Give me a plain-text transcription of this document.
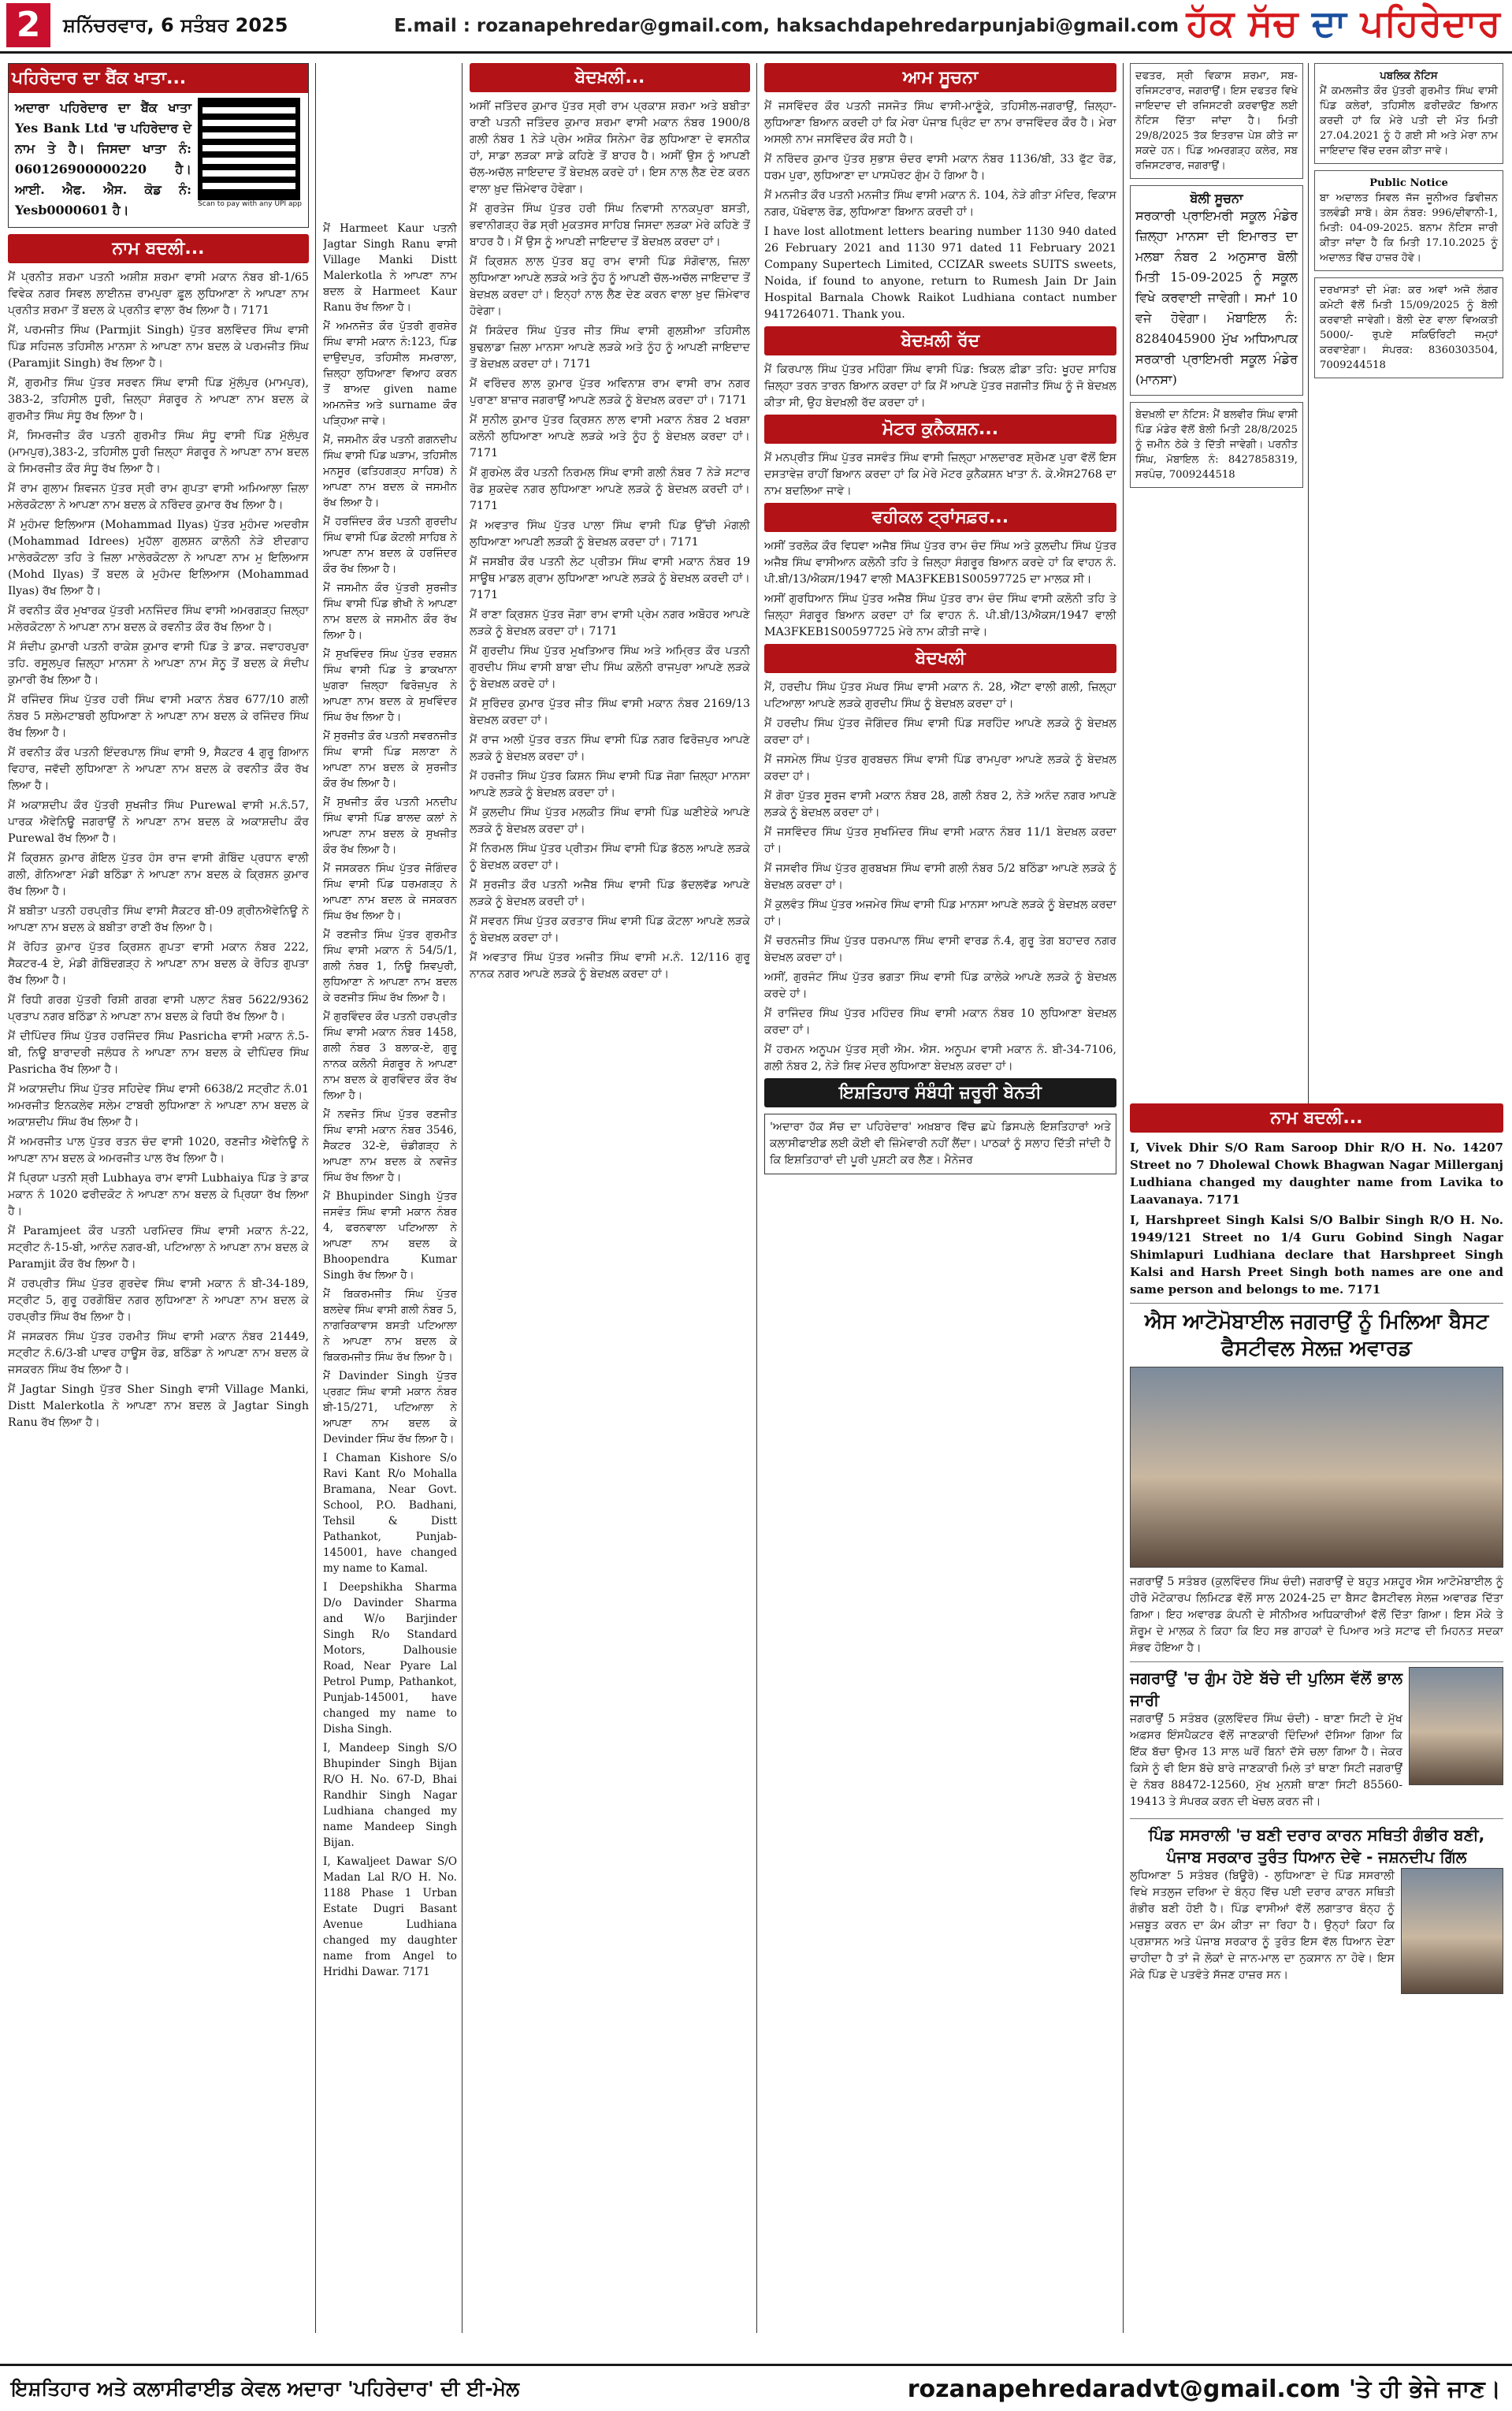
2	ਸ਼ਨਿੱਚਰਵਾਰ, 6 ਸਤੰਬਰ 2025	E.mail : rozanapehredar@gmail.com, haksachdapehredarpunjabi@gmail.com ਹੱਕ ਸੱਚ ਦਾ ਪਹਿਰੇਦਾਰ
ਪਹਿਰੇਦਾਰ ਦਾ ਬੈਂਕ ਖਾਤਾ...
ਅਦਾਰਾ ਪਹਿਰੇਦਾਰ ਦਾ ਬੈਂਕ ਖਾਤਾ Yes Bank Ltd 'ਚ ਪਹਿਰੇਦਾਰ ਦੇ ਨਾਮ ਤੇ ਹੈ। ਜਿਸਦਾ ਖਾਤਾ ਨੰ: 060126900000220 ਹੈ। ਆਈ. ਐਫ. ਐਸ. ਕੋਡ ਨੰ: Yesb0000601 ਹੈ।	Scan to pay with any UPI app
ਨਾਮ ਬਦਲੀ...

ਮੈਂ ਪ੍ਰਨੀਤ ਸ਼ਰਮਾ ਪਤਨੀ ਅਸ਼ੀਸ਼ ਸ਼ਰਮਾ ਵਾਸੀ ਮਕਾਨ ਨੰਬਰ ਬੀ-1/65 ਵਿਵੇਕ ਨਗਰ ਸਿਵਲ ਲਾਈਨਜ਼ ਰਾਮਪੁਰਾ ਫ਼ੂਲ ਲੁਧਿਆਣਾ ਨੇ ਆਪਣਾ ਨਾਮ ਪ੍ਰਨੀਤ ਸ਼ਰਮਾ ਤੋਂ ਬਦਲ ਕੇ ਪ੍ਰਨੀਤ ਵਾਲਾ ਰੱਖ ਲਿਆ ਹੈ। 7171

ਮੈਂ, ਪਰਮਜੀਤ ਸਿੰਘ (Parmjit Singh) ਪੁੱਤਰ ਬਲਵਿੰਦਰ ਸਿੰਘ ਵਾਸੀ ਪਿੰਡ ਸਹਿਜਲ ਤਹਿਸੀਲ ਮਾਨਸਾ ਨੇ ਆਪਣਾ ਨਾਮ ਬਦਲ ਕੇ ਪਰਮਜੀਤ ਸਿੰਘ (Paramjit Singh) ਰੱਖ ਲਿਆ ਹੈ।

ਮੈਂ, ਗੁਰਮੀਤ ਸਿੰਘ ਪੁੱਤਰ ਸਰਵਨ ਸਿੰਘ ਵਾਸੀ ਪਿੰਡ ਮੁੱਲੰਪੁਰ (ਮਾਮਪੁਰ), 383-2, ਤਹਿਸੀਲ ਧੂਰੀ, ਜ਼ਿਲ੍ਹਾ ਸੰਗਰੂਰ ਨੇ ਆਪਣਾ ਨਾਮ ਬਦਲ ਕੇ ਗੁਰਮੀਤ ਸਿੰਘ ਸੰਧੂ ਰੱਖ ਲਿਆ ਹੈ।

ਮੈਂ, ਸਿਮਰਜੀਤ ਕੌਰ ਪਤਨੀ ਗੁਰਮੀਤ ਸਿੰਘ ਸੰਧੂ ਵਾਸੀ ਪਿੰਡ ਮੁੱਲੰਪੁਰ (ਮਾਮਪੁਰ),383-2, ਤਹਿਸੀਲ ਧੂਰੀ ਜ਼ਿਲ੍ਹਾ ਸੰਗਰੂਰ ਨੇ ਆਪਣਾ ਨਾਮ ਬਦਲ ਕੇ ਸਿਮਰਜੀਤ ਕੌਰ ਸੰਧੂ ਰੱਖ ਲਿਆ ਹੈ।

ਮੈਂ ਰਾਮ ਗੁਲਾਮ ਸ਼ਿਵਜਨ ਪੁੱਤਰ ਸ੍ਰੀ ਰਾਮ ਗੁਪਤਾ ਵਾਸੀ ਅਮਿਆਲਾ ਜ਼ਿਲਾ ਮਲੇਰਕੋਟਲਾ ਨੇ ਆਪਣਾ ਨਾਮ ਬਦਲ ਕੇ ਨਰਿੰਦਰ ਕੁਮਾਰ ਰੱਖ ਲਿਆ ਹੈ।

ਮੈਂ ਮੁਹੰਮਦ ਇਲਿਆਸ (Mohammad Ilyas) ਪੁੱਤਰ ਮੁਹੰਮਦ ਅਦਰੀਸ (Mohammad Idrees) ਮੁਹੱਲਾ ਗੁਲਸ਼ਨ ਕਾਲੋਨੀ ਨੇੜੇ ਈਦਗਾਹ ਮਾਲੇਰਕੋਟਲਾ ਤਹਿ ਤੇ ਜ਼ਿਲਾ ਮਾਲੇਰਕੋਟਲਾ ਨੇ ਆਪਣਾ ਨਾਮ ਮੁ ਇਲਿਆਸ (Mohd Ilyas) ਤੋਂ ਬਦਲ ਕੇ ਮੁਹੰਮਦ ਇਲਿਆਸ (Mohammad Ilyas) ਰੱਖ ਲਿਆ ਹੈ।

ਮੈਂ ਰਵਨੀਤ ਕੌਰ ਮੁਖਾਰਕ ਪੁੱਤਰੀ ਮਨਜਿੰਦਰ ਸਿੰਘ ਵਾਸੀ ਅਮਰਗੜ੍ਹ ਜ਼ਿਲ੍ਹਾ ਮਲੇਰਕੋਟਲਾ ਨੇ ਆਪਣਾ ਨਾਮ ਬਦਲ ਕੇ ਰਵਨੀਤ ਕੌਰ ਰੱਖ ਲਿਆ ਹੈ।

ਮੈਂ ਸੰਦੀਪ ਕੁਮਾਰੀ ਪਤਨੀ ਰਾਕੇਸ਼ ਕੁਮਾਰ ਵਾਸੀ ਪਿੰਡ ਤੇ ਡਾਕ. ਜਵਾਹਰਪੁਰਾ ਤਹਿ. ਰਸੂਲਪੁਰ ਜ਼ਿਲ੍ਹਾ ਮਾਨਸਾ ਨੇ ਆਪਣਾ ਨਾਮ ਸੋਨੂ ਤੋਂ ਬਦਲ ਕੇ ਸੰਦੀਪ ਕੁਮਾਰੀ ਰੱਖ ਲਿਆ ਹੈ।

ਮੈਂ ਰਜਿੰਦਰ ਸਿੰਘ ਪੁੱਤਰ ਹਰੀ ਸਿੰਘ ਵਾਸੀ ਮਕਾਨ ਨੰਬਰ 677/10 ਗਲੀ ਨੰਬਰ 5 ਸਲੇਮਟਾਬਰੀ ਲੁਧਿਆਣਾ ਨੇ ਆਪਣਾ ਨਾਮ ਬਦਲ ਕੇ ਰਜਿੰਦਰ ਸਿੰਘ ਰੱਖ ਲਿਆ ਹੈ।

ਮੈਂ ਰਵਨੀਤ ਕੌਰ ਪਤਨੀ ਇੰਦਰਪਾਲ ਸਿੰਘ ਵਾਸੀ 9, ਸੈਕਟਰ 4 ਗੁਰੂ ਗਿਆਨ ਵਿਹਾਰ, ਜਵੱਦੀ ਲੁਧਿਆਣਾ ਨੇ ਆਪਣਾ ਨਾਮ ਬਦਲ ਕੇ ਰਵਨੀਤ ਕੌਰ ਰੱਖ ਲਿਆ ਹੈ।

ਮੈਂ ਅਕਾਸ਼ਦੀਪ ਕੌਰ ਪੁੱਤਰੀ ਸੁਖਜੀਤ ਸਿੰਘ Purewal ਵਾਸੀ ਮ.ਨੰ.57, ਪਾਰਕ ਐਵੇਨਿਊ ਜਗਰਾਉਂ ਨੇ ਆਪਣਾ ਨਾਮ ਬਦਲ ਕੇ ਅਕਾਸ਼ਦੀਪ ਕੌਰ Purewal ਰੱਖ ਲਿਆ ਹੈ।

ਮੈਂ ਕ੍ਰਿਸ਼ਨ ਕੁਮਾਰ ਗੋਇਲ ਪੁੱਤਰ ਹੰਸ ਰਾਜ ਵਾਸੀ ਗੋਬਿੰਦ ਪ੍ਰਧਾਨ ਵਾਲੀ ਗਲੀ, ਗੋਨਿਆਣਾ ਮੰਡੀ ਬਠਿੰਡਾ ਨੇ ਆਪਣਾ ਨਾਮ ਬਦਲ ਕੇ ਕ੍ਰਿਸ਼ਨ ਕੁਮਾਰ ਰੱਖ ਲਿਆ ਹੈ।

ਮੈਂ ਬਬੀਤਾ ਪਤਨੀ ਹਰਪ੍ਰੀਤ ਸਿੰਘ ਵਾਸੀ ਸੈਕਟਰ ਬੀ-09 ਗ੍ਰੀਨਐਵੇਨਿਊ ਨੇ ਆਪਣਾ ਨਾਮ ਬਦਲ ਕੇ ਬਬੀਤਾ ਰਾਣੀ ਰੱਖ ਲਿਆ ਹੈ।

ਮੈਂ ਰੋਹਿਤ ਕੁਮਾਰ ਪੁੱਤਰ ਕ੍ਰਿਸ਼ਨ ਗੁਪਤਾ ਵਾਸੀ ਮਕਾਨ ਨੰਬਰ 222, ਸੈਕਟਰ-4 ਏ, ਮੰਡੀ ਗੋਬਿੰਦਗੜ੍ਹ ਨੇ ਆਪਣਾ ਨਾਮ ਬਦਲ ਕੇ ਰੋਹਿਤ ਗੁਪਤਾ ਰੱਖ ਲਿਆ ਹੈ।

ਮੈਂ ਰਿਧੀ ਗਰਗ ਪੁੱਤਰੀ ਰਿਸ਼ੀ ਗਰਗ ਵਾਸੀ ਪਲਾਟ ਨੰਬਰ 5622/9362 ਪ੍ਰਤਾਪ ਨਗਰ ਬਠਿੰਡਾ ਨੇ ਆਪਣਾ ਨਾਮ ਬਦਲ ਕੇ ਰਿਧੀ ਰੱਖ ਲਿਆ ਹੈ।

ਮੈਂ ਦੀਪਿੰਦਰ ਸਿੰਘ ਪੁੱਤਰ ਹਰਜਿੰਦਰ ਸਿੰਘ Pasricha ਵਾਸੀ ਮਕਾਨ ਨੰ.5-ਬੀ, ਨਿਊ ਬਾਰਾਦਰੀ ਜਲੰਧਰ ਨੇ ਆਪਣਾ ਨਾਮ ਬਦਲ ਕੇ ਦੀਪਿੰਦਰ ਸਿੰਘ Pasricha ਰੱਖ ਲਿਆ ਹੈ।

ਮੈਂ ਅਕਾਸ਼ਦੀਪ ਸਿੰਘ ਪੁੱਤਰ ਸਹਿਦੇਵ ਸਿੰਘ ਵਾਸੀ 6638/2 ਸਟ੍ਰੀਟ ਨੰ.01 ਅਮਰਜੀਤ ਇਨਕਲੇਵ ਸਲੇਮ ਟਾਬਰੀ ਲੁਧਿਆਣਾ ਨੇ ਆਪਣਾ ਨਾਮ ਬਦਲ ਕੇ ਅਕਾਸ਼ਦੀਪ ਸਿੰਘ ਰੱਖ ਲਿਆ ਹੈ।

ਮੈਂ ਅਮਰਜੀਤ ਪਾਲ ਪੁੱਤਰ ਰਤਨ ਚੰਦ ਵਾਸੀ 1020, ਰਣਜੀਤ ਐਵੇਨਿਊ ਨੇ ਆਪਣਾ ਨਾਮ ਬਦਲ ਕੇ ਅਮਰਜੀਤ ਪਾਲ ਰੱਖ ਲਿਆ ਹੈ।

ਮੈਂ ਪ੍ਰਿਯਾ ਪਤਨੀ ਸ਼੍ਰੀ Lubhaya ਰਾਮ ਵਾਸੀ Lubhaiya ਪਿੰਡ ਤੇ ਡਾਕ ਮਕਾਨ ਨੰ 1020 ਫਰੀਦਕੋਟ ਨੇ ਆਪਣਾ ਨਾਮ ਬਦਲ ਕੇ ਪ੍ਰਿਯਾ ਰੱਖ ਲਿਆ ਹੈ।

ਮੈਂ Paramjeet ਕੌਰ ਪਤਨੀ ਪਰਮਿੰਦਰ ਸਿੰਘ ਵਾਸੀ ਮਕਾਨ ਨੰ-22, ਸਟ੍ਰੀਟ ਨੰ-15-ਬੀ, ਆਨੰਦ ਨਗਰ-ਬੀ, ਪਟਿਆਲਾ ਨੇ ਆਪਣਾ ਨਾਮ ਬਦਲ ਕੇ Paramjit ਕੌਰ ਰੱਖ ਲਿਆ ਹੈ।

ਮੈਂ ਹਰਪ੍ਰੀਤ ਸਿੰਘ ਪੁੱਤਰ ਗੁਰਦੇਵ ਸਿੰਘ ਵਾਸੀ ਮਕਾਨ ਨੰ ਬੀ-34-189, ਸਟ੍ਰੀਟ 5, ਗੁਰੂ ਹਰਗੋਬਿੰਦ ਨਗਰ ਲੁਧਿਆਣਾ ਨੇ ਆਪਣਾ ਨਾਮ ਬਦਲ ਕੇ ਹਰਪ੍ਰੀਤ ਸਿੰਘ ਰੱਖ ਲਿਆ ਹੈ।

ਮੈਂ ਜਸਕਰਨ ਸਿੰਘ ਪੁੱਤਰ ਹਰਮੀਤ ਸਿੰਘ ਵਾਸੀ ਮਕਾਨ ਨੰਬਰ 21449, ਸਟ੍ਰੀਟ ਨੰ.6/3-ਬੀ ਪਾਵਰ ਹਾਊਸ ਰੋਡ, ਬਠਿੰਡਾ ਨੇ ਆਪਣਾ ਨਾਮ ਬਦਲ ਕੇ ਜਸਕਰਨ ਸਿੰਘ ਰੱਖ ਲਿਆ ਹੈ।

ਮੈਂ Jagtar Singh ਪੁੱਤਰ Sher Singh ਵਾਸੀ Village Manki, Distt Malerkotla ਨੇ ਆਪਣਾ ਨਾਮ ਬਦਲ ਕੇ Jagtar Singh Ranu ਰੱਖ ਲਿਆ ਹੈ।

ਮੈਂ Harmeet Kaur ਪਤਨੀ Jagtar Singh Ranu ਵਾਸੀ Village Manki Distt Malerkotla ਨੇ ਆਪਣਾ ਨਾਮ ਬਦਲ ਕੇ Harmeet Kaur Ranu ਰੱਖ ਲਿਆ ਹੈ।

ਮੈਂ ਅਮਨਜੋਤ ਕੌਰ ਪੁੱਤਰੀ ਗੁਰਸ਼ੇਰ ਸਿੰਘ ਵਾਸੀ ਮਕਾਨ ਨੰ:123, ਪਿੰਡ ਦਾਉਦਪੁਰ, ਤਹਿਸੀਲ ਸਮਰਾਲਾ, ਜ਼ਿਲ੍ਹਾ ਲੁਧਿਆਣਾ ਵਿਆਹ ਕਰਨ ਤੋਂ ਬਾਅਦ given name ਅਮਨਜੋਤ ਅਤੇ surname ਕੌਰ ਪੜ੍ਹਿਆ ਜਾਵੇ।

ਮੈਂ, ਜਸਮੀਨ ਕੌਰ ਪਤਨੀ ਗਗਨਦੀਪ ਸਿੰਘ ਵਾਸੀ ਪਿੰਡ ਘੜਾਮ, ਤਹਿਸੀਲ ਮਨਸੂਰ (ਫਤਿਹਗੜ੍ਹ ਸਾਹਿਬ) ਨੇ ਆਪਣਾ ਨਾਮ ਬਦਲ ਕੇ ਜਸਮੀਨ ਰੱਖ ਲਿਆ ਹੈ।

ਮੈਂ ਹਰਜਿੰਦਰ ਕੌਰ ਪਤਨੀ ਗੁਰਦੀਪ ਸਿੰਘ ਵਾਸੀ ਪਿੰਡ ਕੋਟਲੀ ਸਾਹਿਬ ਨੇ ਆਪਣਾ ਨਾਮ ਬਦਲ ਕੇ ਹਰਜਿੰਦਰ ਕੌਰ ਰੱਖ ਲਿਆ ਹੈ।

ਮੈਂ ਜਸਮੀਨ ਕੌਰ ਪੁੱਤਰੀ ਸੁਰਜੀਤ ਸਿੰਘ ਵਾਸੀ ਪਿੰਡ ਭੀਖੀ ਨੇ ਆਪਣਾ ਨਾਮ ਬਦਲ ਕੇ ਜਸਮੀਨ ਕੌਰ ਰੱਖ ਲਿਆ ਹੈ।

ਮੈਂ ਸੁਖਵਿੰਦਰ ਸਿੰਘ ਪੁੱਤਰ ਦਰਸ਼ਨ ਸਿੰਘ ਵਾਸੀ ਪਿੰਡ ਤੇ ਡਾਕਖਾਨਾ ਘੁਗਰਾ ਜ਼ਿਲ੍ਹਾ ਫਿਰੋਜ਼ਪੁਰ ਨੇ ਆਪਣਾ ਨਾਮ ਬਦਲ ਕੇ ਸੁਖਵਿੰਦਰ ਸਿੰਘ ਰੱਖ ਲਿਆ ਹੈ।

ਮੈਂ ਸੁਰਜੀਤ ਕੌਰ ਪਤਨੀ ਸਵਰਨਜੀਤ ਸਿੰਘ ਵਾਸੀ ਪਿੰਡ ਸਲਾਣਾ ਨੇ ਆਪਣਾ ਨਾਮ ਬਦਲ ਕੇ ਸੁਰਜੀਤ ਕੌਰ ਰੱਖ ਲਿਆ ਹੈ।

ਮੈਂ ਸੁਖਜੀਤ ਕੌਰ ਪਤਨੀ ਮਨਦੀਪ ਸਿੰਘ ਵਾਸੀ ਪਿੰਡ ਬਾਲਦ ਕਲਾਂ ਨੇ ਆਪਣਾ ਨਾਮ ਬਦਲ ਕੇ ਸੁਖਜੀਤ ਕੌਰ ਰੱਖ ਲਿਆ ਹੈ।

ਮੈਂ ਜਸਕਰਨ ਸਿੰਘ ਪੁੱਤਰ ਜੋਗਿੰਦਰ ਸਿੰਘ ਵਾਸੀ ਪਿੰਡ ਧਰਮਗੜ੍ਹ ਨੇ ਆਪਣਾ ਨਾਮ ਬਦਲ ਕੇ ਜਸਕਰਨ ਸਿੰਘ ਰੱਖ ਲਿਆ ਹੈ।

ਮੈਂ ਰਣਜੀਤ ਸਿੰਘ ਪੁੱਤਰ ਗੁਰਮੀਤ ਸਿੰਘ ਵਾਸੀ ਮਕਾਨ ਨੰ 54/5/1, ਗਲੀ ਨੰਬਰ 1, ਨਿਊ ਸ਼ਿਵਪੁਰੀ, ਲੁਧਿਆਣਾ ਨੇ ਆਪਣਾ ਨਾਮ ਬਦਲ ਕੇ ਰਣਜੀਤ ਸਿੰਘ ਰੱਖ ਲਿਆ ਹੈ।

ਮੈਂ ਗੁਰਵਿੰਦਰ ਕੌਰ ਪਤਨੀ ਹਰਪ੍ਰੀਤ ਸਿੰਘ ਵਾਸੀ ਮਕਾਨ ਨੰਬਰ 1458, ਗਲੀ ਨੰਬਰ 3 ਬਲਾਕ-ਏ, ਗੁਰੂ ਨਾਨਕ ਕਲੋਨੀ ਸੰਗਰੂਰ ਨੇ ਆਪਣਾ ਨਾਮ ਬਦਲ ਕੇ ਗੁਰਵਿੰਦਰ ਕੌਰ ਰੱਖ ਲਿਆ ਹੈ।

ਮੈਂ ਨਵਜੋਤ ਸਿੰਘ ਪੁੱਤਰ ਰਣਜੀਤ ਸਿੰਘ ਵਾਸੀ ਮਕਾਨ ਨੰਬਰ 3546, ਸੈਕਟਰ 32-ਏ, ਚੰਡੀਗੜ੍ਹ ਨੇ ਆਪਣਾ ਨਾਮ ਬਦਲ ਕੇ ਨਵਜੋਤ ਸਿੰਘ ਰੱਖ ਲਿਆ ਹੈ।

ਮੈਂ Bhupinder Singh ਪੁੱਤਰ ਜਸਵੰਤ ਸਿੰਘ ਵਾਸੀ ਮਕਾਨ ਨੰਬਰ 4, ਫਰਨਵਾਲਾ ਪਟਿਆਲਾ ਨੇ ਆਪਣਾ ਨਾਮ ਬਦਲ ਕੇ Bhoopendra Kumar Singh ਰੱਖ ਲਿਆ ਹੈ।

ਮੈਂ ਬਿਕਰਮਜੀਤ ਸਿੰਘ ਪੁੱਤਰ ਬਲਦੇਵ ਸਿੰਘ ਵਾਸੀ ਗਲੀ ਨੰਬਰ 5, ਨਾਗਰਿਕਾਵਾਸ ਬਸਤੀ ਪਟਿਆਲਾ ਨੇ ਆਪਣਾ ਨਾਮ ਬਦਲ ਕੇ ਬਿਕਰਮਜੀਤ ਸਿੰਘ ਰੱਖ ਲਿਆ ਹੈ।

ਮੈਂ Davinder Singh ਪੁੱਤਰ ਪ੍ਰਗਟ ਸਿੰਘ ਵਾਸੀ ਮਕਾਨ ਨੰਬਰ ਬੀ-15/271, ਪਟਿਆਲਾ ਨੇ ਆਪਣਾ ਨਾਮ ਬਦਲ ਕੇ Devinder ਸਿੰਘ ਰੱਖ ਲਿਆ ਹੈ।

I Chaman Kishore S/o Ravi Kant R/o Mohalla Bramana, Near Govt. School, P.O. Badhani, Tehsil & Distt Pathankot, Punjab-145001, have changed my name to Kamal.

I Deepshikha Sharma D/o Davinder Sharma and W/o Barjinder Singh R/o Standard Motors, Dalhousie Road, Near Pyare Lal Petrol Pump, Pathankot, Punjab-145001, have changed my name to Disha Singh.

I, Mandeep Singh S/O Bhupinder Singh Bijan R/O H. No. 67-D, Bhai Randhir Singh Nagar Ludhiana changed my name Mandeep Singh Bijan.

I, Kawaljeet Dawar S/O Madan Lal R/O H. No. 1188 Phase 1 Urban Estate Dugri Basant Avenue Ludhiana changed my daughter name from Angel to Hridhi Dawar. 7171

ਬੇਦਖ਼ਲੀ...

ਅਸੀਂ ਜਤਿੰਦਰ ਕੁਮਾਰ ਪੁੱਤਰ ਸ੍ਰੀ ਰਾਮ ਪ੍ਰਕਾਸ਼ ਸ਼ਰਮਾ ਅਤੇ ਬਬੀਤਾ ਰਾਣੀ ਪਤਨੀ ਜਤਿੰਦਰ ਕੁਮਾਰ ਸ਼ਰਮਾ ਵਾਸੀ ਮਕਾਨ ਨੰਬਰ 1900/8 ਗਲੀ ਨੰਬਰ 1 ਨੇੜੇ ਪ੍ਰੇਮ ਅਸ਼ੋਕ ਸਿਨੇਮਾ ਰੋਡ ਲੁਧਿਆਣਾ ਦੇ ਵਸਨੀਕ ਹਾਂ, ਸਾਡਾ ਲੜਕਾ ਸਾਡੇ ਕਹਿਣੇ ਤੋਂ ਬਾਹਰ ਹੈ। ਅਸੀਂ ਉਸ ਨੂੰ ਆਪਣੀ ਚੱਲ-ਅਚੱਲ ਜਾਇਦਾਦ ਤੋਂ ਬੇਦਖ਼ਲ ਕਰਦੇ ਹਾਂ। ਇਸ ਨਾਲ ਲੈਣ ਦੇਣ ਕਰਨ ਵਾਲਾ ਖ਼ੁਦ ਜ਼ਿੰਮੇਵਾਰ ਹੋਵੇਗਾ।

ਮੈਂ ਗੁਰਤੇਜ ਸਿੰਘ ਪੁੱਤਰ ਹਰੀ ਸਿੰਘ ਨਿਵਾਸੀ ਨਾਨਕਪੁਰਾ ਬਸਤੀ, ਭਵਾਨੀਗੜ੍ਹ ਰੋਡ ਸ੍ਰੀ ਮੁਕਤਸਰ ਸਾਹਿਬ ਜਿਸਦਾ ਲੜਕਾ ਮੇਰੇ ਕਹਿਣੇ ਤੋਂ ਬਾਹਰ ਹੈ। ਮੈਂ ਉਸ ਨੂੰ ਆਪਣੀ ਜਾਇਦਾਦ ਤੋਂ ਬੇਦਖ਼ਲ ਕਰਦਾ ਹਾਂ।

ਮੈਂ ਕ੍ਰਿਸ਼ਨ ਲਾਲ ਪੁੱਤਰ ਬਹੁ ਰਾਮ ਵਾਸੀ ਪਿੰਡ ਸੰਗੋਵਾਲ, ਜ਼ਿਲਾ ਲੁਧਿਆਣਾ ਆਪਣੇ ਲੜਕੇ ਅਤੇ ਨੂੰਹ ਨੂੰ ਆਪਣੀ ਚੱਲ-ਅਚੱਲ ਜਾਇਦਾਦ ਤੋਂ ਬੇਦਖ਼ਲ ਕਰਦਾ ਹਾਂ। ਇਨ੍ਹਾਂ ਨਾਲ ਲੈਣ ਦੇਣ ਕਰਨ ਵਾਲਾ ਖ਼ੁਦ ਜ਼ਿੰਮੇਵਾਰ ਹੋਵੇਗਾ।

ਮੈਂ ਸਿਕੰਦਰ ਸਿੰਘ ਪੁੱਤਰ ਜੀਤ ਸਿੰਘ ਵਾਸੀ ਗੁਲਸ਼ੀਆ ਤਹਿਸੀਲ ਬੁਢਲਾਡਾ ਜ਼ਿਲਾ ਮਾਨਸਾ ਆਪਣੇ ਲੜਕੇ ਅਤੇ ਨੂੰਹ ਨੂੰ ਆਪਣੀ ਜਾਇਦਾਦ ਤੋਂ ਬੇਦਖ਼ਲ ਕਰਦਾ ਹਾਂ। 7171

ਮੈਂ ਵਰਿੰਦਰ ਲਾਲ ਕੁਮਾਰ ਪੁੱਤਰ ਅਵਿਨਾਸ਼ ਰਾਮ ਵਾਸੀ ਰਾਮ ਨਗਰ ਪੁਰਾਣਾ ਬਾਜ਼ਾਰ ਜਗਰਾਉਂ ਆਪਣੇ ਲੜਕੇ ਨੂੰ ਬੇਦਖ਼ਲ ਕਰਦਾ ਹਾਂ। 7171

ਮੈਂ ਸੁਨੀਲ ਕੁਮਾਰ ਪੁੱਤਰ ਕ੍ਰਿਸ਼ਨ ਲਾਲ ਵਾਸੀ ਮਕਾਨ ਨੰਬਰ 2 ਖਰਸ਼ਾ ਕਲੋਨੀ ਲੁਧਿਆਣਾ ਆਪਣੇ ਲੜਕੇ ਅਤੇ ਨੂੰਹ ਨੂੰ ਬੇਦਖ਼ਲ ਕਰਦਾ ਹਾਂ। 7171

ਮੈਂ ਗੁਰਮੇਲ ਕੌਰ ਪਤਨੀ ਨਿਰਮਲ ਸਿੰਘ ਵਾਸੀ ਗਲੀ ਨੰਬਰ 7 ਨੇੜੇ ਸਟਾਰ ਰੋਡ ਸ਼ੁਕਦੇਵ ਨਗਰ ਲੁਧਿਆਣਾ ਆਪਣੇ ਲੜਕੇ ਨੂੰ ਬੇਦਖ਼ਲ ਕਰਦੀ ਹਾਂ। 7171

ਮੈਂ ਅਵਤਾਰ ਸਿੰਘ ਪੁੱਤਰ ਪਾਲਾ ਸਿੰਘ ਵਾਸੀ ਪਿੰਡ ਉੱਚੀ ਮੰਗਲੀ ਲੁਧਿਆਣਾ ਆਪਣੀ ਲੜਕੀ ਨੂੰ ਬੇਦਖ਼ਲ ਕਰਦਾ ਹਾਂ। 7171

ਮੈਂ ਜਸਬੀਰ ਕੌਰ ਪਤਨੀ ਲੇਟ ਪ੍ਰੀਤਮ ਸਿੰਘ ਵਾਸੀ ਮਕਾਨ ਨੰਬਰ 19 ਸਾਊਥ ਮਾਡਲ ਗ੍ਰਾਮ ਲੁਧਿਆਣਾ ਆਪਣੇ ਲੜਕੇ ਨੂੰ ਬੇਦਖ਼ਲ ਕਰਦੀ ਹਾਂ। 7171

ਮੈਂ ਰਾਣਾ ਕ੍ਰਿਸ਼ਨ ਪੁੱਤਰ ਜੋਗਾ ਰਾਮ ਵਾਸੀ ਪ੍ਰੇਮ ਨਗਰ ਅਬੋਹਰ ਆਪਣੇ ਲੜਕੇ ਨੂੰ ਬੇਦਖ਼ਲ ਕਰਦਾ ਹਾਂ। 7171

ਮੈਂ ਗੁਰਦੀਪ ਸਿੰਘ ਪੁੱਤਰ ਮੁਖਤਿਆਰ ਸਿੰਘ ਅਤੇ ਅਮ੍ਰਿਤ ਕੌਰ ਪਤਨੀ ਗੁਰਦੀਪ ਸਿੰਘ ਵਾਸੀ ਬਾਬਾ ਦੀਪ ਸਿੰਘ ਕਲੋਨੀ ਰਾਜਪੁਰਾ ਆਪਣੇ ਲੜਕੇ ਨੂੰ ਬੇਦਖ਼ਲ ਕਰਦੇ ਹਾਂ।

ਮੈਂ ਸੁਰਿੰਦਰ ਕੁਮਾਰ ਪੁੱਤਰ ਜੀਤ ਸਿੰਘ ਵਾਸੀ ਮਕਾਨ ਨੰਬਰ 2169/13 ਬੇਦਖ਼ਲ ਕਰਦਾ ਹਾਂ।

ਮੈਂ ਰਾਜ ਅਲੀ ਪੁੱਤਰ ਰਤਨ ਸਿੰਘ ਵਾਸੀ ਪਿੰਡ ਨਗਰ ਫਿਰੋਜ਼ਪੁਰ ਆਪਣੇ ਲੜਕੇ ਨੂੰ ਬੇਦਖ਼ਲ ਕਰਦਾ ਹਾਂ।

ਮੈਂ ਹਰਜੀਤ ਸਿੰਘ ਪੁੱਤਰ ਕਿਸ਼ਨ ਸਿੰਘ ਵਾਸੀ ਪਿੰਡ ਜੋਗਾ ਜ਼ਿਲ੍ਹਾ ਮਾਨਸਾ ਆਪਣੇ ਲੜਕੇ ਨੂੰ ਬੇਦਖ਼ਲ ਕਰਦਾ ਹਾਂ।

ਮੈਂ ਕੁਲਦੀਪ ਸਿੰਘ ਪੁੱਤਰ ਮਲਕੀਤ ਸਿੰਘ ਵਾਸੀ ਪਿੰਡ ਘਣੀਏਕੇ ਆਪਣੇ ਲੜਕੇ ਨੂੰ ਬੇਦਖ਼ਲ ਕਰਦਾ ਹਾਂ।

ਮੈਂ ਨਿਰਮਲ ਸਿੰਘ ਪੁੱਤਰ ਪ੍ਰੀਤਮ ਸਿੰਘ ਵਾਸੀ ਪਿੰਡ ਭੱਠਲ ਆਪਣੇ ਲੜਕੇ ਨੂੰ ਬੇਦਖ਼ਲ ਕਰਦਾ ਹਾਂ।

ਮੈਂ ਸੁਰਜੀਤ ਕੌਰ ਪਤਨੀ ਅਜੈਬ ਸਿੰਘ ਵਾਸੀ ਪਿੰਡ ਭੱਦਲਵੱਡ ਆਪਣੇ ਲੜਕੇ ਨੂੰ ਬੇਦਖ਼ਲ ਕਰਦੀ ਹਾਂ।

ਮੈਂ ਸਵਰਨ ਸਿੰਘ ਪੁੱਤਰ ਕਰਤਾਰ ਸਿੰਘ ਵਾਸੀ ਪਿੰਡ ਕੋਟਲਾ ਆਪਣੇ ਲੜਕੇ ਨੂੰ ਬੇਦਖ਼ਲ ਕਰਦਾ ਹਾਂ।

ਮੈਂ ਅਵਤਾਰ ਸਿੰਘ ਪੁੱਤਰ ਅਜੀਤ ਸਿੰਘ ਵਾਸੀ ਮ.ਨੰ. 12/116 ਗੁਰੂ ਨਾਨਕ ਨਗਰ ਆਪਣੇ ਲੜਕੇ ਨੂੰ ਬੇਦਖ਼ਲ ਕਰਦਾ ਹਾਂ।

ਆਮ ਸੂਚਨਾ

ਮੈਂ ਜਸਵਿੰਦਰ ਕੌਰ ਪਤਨੀ ਜਸਜੋਤ ਸਿੰਘ ਵਾਸੀ-ਮਾਣੂੰਕੇ, ਤਹਿਸੀਲ-ਜਗਰਾਉਂ, ਜ਼ਿਲ੍ਹਾ-ਲੁਧਿਆਣਾ ਬਿਆਨ ਕਰਦੀ ਹਾਂ ਕਿ ਮੇਰਾ ਪੰਜਾਬ ਪ੍ਰਿੰਟ ਦਾ ਨਾਮ ਰਾਜਵਿੰਦਰ ਕੌਰ ਹੈ। ਮੇਰਾ ਅਸਲੀ ਨਾਮ ਜਸਵਿੰਦਰ ਕੌਰ ਸਹੀ ਹੈ।

ਮੈਂ ਨਰਿੰਦਰ ਕੁਮਾਰ ਪੁੱਤਰ ਸੁਭਾਸ਼ ਚੰਦਰ ਵਾਸੀ ਮਕਾਨ ਨੰਬਰ 1136/ਬੀ, 33 ਫੁੱਟ ਰੋਡ, ਧਰਮ ਪੁਰਾ, ਲੁਧਿਆਣਾ ਦਾ ਪਾਸਪੋਰਟ ਗੁੰਮ ਹੋ ਗਿਆ ਹੈ।

ਮੈਂ ਮਨਜੀਤ ਕੌਰ ਪਤਨੀ ਮਨਜੀਤ ਸਿੰਘ ਵਾਸੀ ਮਕਾਨ ਨੰ. 104, ਨੇੜੇ ਗੀਤਾ ਮੰਦਿਰ, ਵਿਕਾਸ ਨਗਰ, ਪੱਖੋਵਾਲ ਰੋਡ, ਲੁਧਿਆਣਾ ਬਿਆਨ ਕਰਦੀ ਹਾਂ।

I have lost allotment letters bearing number 1130 940 dated 26 February 2021 and 1130 971 dated 11 February 2021 Company Supertech Limited, CCIZAR sweets SUITS sweets, Noida, if found to anyone, return to Rumesh Jain Dr Jain Hospital Barnala Chowk Raikot Ludhiana contact number 9417264071. Thank you.

ਬੇਦਖ਼ਲੀ ਰੱਦ

ਮੈਂ ਕਿਰਪਾਲ ਸਿੰਘ ਪੁੱਤਰ ਮਹਿੰਗਾ ਸਿੰਘ ਵਾਸੀ ਪਿੰਡ: ਝਿਕਲ ਫ਼ੀਡਾ ਤਹਿ: ਖੂਹਦ ਸਾਹਿਬ ਜ਼ਿਲ੍ਹਾ ਤਰਨ ਤਾਰਨ ਬਿਆਨ ਕਰਦਾ ਹਾਂ ਕਿ ਮੈਂ ਆਪਣੇ ਪੁੱਤਰ ਜਗਜੀਤ ਸਿੰਘ ਨੂੰ ਜੋ ਬੇਦਖ਼ਲ ਕੀਤਾ ਸੀ, ਉਹ ਬੇਦਖ਼ਲੀ ਰੱਦ ਕਰਦਾ ਹਾਂ।

ਮੋਟਰ ਕੁਨੈਕਸ਼ਨ...

ਮੈਂ ਮਨਪ੍ਰੀਤ ਸਿੰਘ ਪੁੱਤਰ ਜਸਵੰਤ ਸਿੰਘ ਵਾਸੀ ਜ਼ਿਲ੍ਹਾ ਮਾਲਦਾਰਣ ਸ਼੍ਰੋਮਣ ਪੁਰਾ ਵੱਲੋਂ ਇਸ ਦਸਤਾਵੇਜ਼ ਰਾਹੀਂ ਬਿਆਨ ਕਰਦਾ ਹਾਂ ਕਿ ਮੇਰੇ ਮੋਟਰ ਕੁਨੈਕਸ਼ਨ ਖਾਤਾ ਨੰ. ਕੇ.ਐਸ2768 ਦਾ ਨਾਮ ਬਦਲਿਆ ਜਾਵੇ।

ਵਹੀਕਲ ਟ੍ਰਾਂਸਫ਼ਰ...

ਅਸੀਂ ਤਰਲੋਕ ਕੌਰ ਵਿਧਵਾ ਅਜੈਬ ਸਿੰਘ ਪੁੱਤਰ ਰਾਮ ਚੰਦ ਸਿੰਘ ਅਤੇ ਕੁਲਦੀਪ ਸਿੰਘ ਪੁੱਤਰ ਅਜੈਬ ਸਿੰਘ ਵਾਸੀਆਨ ਕਲੋਨੀ ਤਹਿ ਤੇ ਜ਼ਿਲ੍ਹਾ ਸੰਗਰੂਰ ਬਿਆਨ ਕਰਦੇ ਹਾਂ ਕਿ ਵਾਹਨ ਨੰ. ਪੀ.ਬੀ/13/ਐਕਸ/1947 ਵਾਲੀ MA3FKEB1S00597725 ਦਾ ਮਾਲਕ ਸੀ।

ਅਸੀਂ ਗੁਰਧਿਆਨ ਸਿੰਘ ਪੁੱਤਰ ਅਜੈਬ ਸਿੰਘ ਪੁੱਤਰ ਰਾਮ ਚੰਦ ਸਿੰਘ ਵਾਸੀ ਕਲੋਨੀ ਤਹਿ ਤੇ ਜ਼ਿਲ੍ਹਾ ਸੰਗਰੂਰ ਬਿਆਨ ਕਰਦਾ ਹਾਂ ਕਿ ਵਾਹਨ ਨੰ. ਪੀ.ਬੀ/13/ਐਕਸ/1947 ਵਾਲੀ MA3FKEB1S00597725 ਮੇਰੇ ਨਾਮ ਕੀਤੀ ਜਾਵੇ।

ਬੇਦਖਲੀ

ਮੈਂ, ਹਰਦੀਪ ਸਿੰਘ ਪੁੱਤਰ ਮੱਘਰ ਸਿੰਘ ਵਾਸੀ ਮਕਾਨ ਨੰ. 28, ਐੱਟਾ ਵਾਲੀ ਗਲੀ, ਜ਼ਿਲ੍ਹਾ ਪਟਿਆਲਾ ਆਪਣੇ ਲੜਕੇ ਗੁਰਦੀਪ ਸਿੰਘ ਨੂੰ ਬੇਦਖ਼ਲ ਕਰਦਾ ਹਾਂ।

ਮੈਂ ਹਰਦੀਪ ਸਿੰਘ ਪੁੱਤਰ ਜੋਗਿੰਦਰ ਸਿੰਘ ਵਾਸੀ ਪਿੰਡ ਸਰਹਿੰਦ ਆਪਣੇ ਲੜਕੇ ਨੂੰ ਬੇਦਖ਼ਲ ਕਰਦਾ ਹਾਂ।

ਮੈਂ ਜਸਮੇਲ ਸਿੰਘ ਪੁੱਤਰ ਗੁਰਬਚਨ ਸਿੰਘ ਵਾਸੀ ਪਿੰਡ ਰਾਮਪੁਰਾ ਆਪਣੇ ਲੜਕੇ ਨੂੰ ਬੇਦਖ਼ਲ ਕਰਦਾ ਹਾਂ।

ਮੈਂ ਗੋਰਾ ਪੁੱਤਰ ਸੂਰਜ ਵਾਸੀ ਮਕਾਨ ਨੰਬਰ 28, ਗਲੀ ਨੰਬਰ 2, ਨੇੜੇ ਅਨੰਦ ਨਗਰ ਆਪਣੇ ਲੜਕੇ ਨੂੰ ਬੇਦਖ਼ਲ ਕਰਦਾ ਹਾਂ।

ਮੈਂ ਜਸਵਿੰਦਰ ਸਿੰਘ ਪੁੱਤਰ ਸੁਖਮਿੰਦਰ ਸਿੰਘ ਵਾਸੀ ਮਕਾਨ ਨੰਬਰ 11/1 ਬੇਦਖ਼ਲ ਕਰਦਾ ਹਾਂ।

ਮੈਂ ਜਸਵੀਰ ਸਿੰਘ ਪੁੱਤਰ ਗੁਰਬਖਸ਼ ਸਿੰਘ ਵਾਸੀ ਗਲੀ ਨੰਬਰ 5/2 ਬਠਿੰਡਾ ਆਪਣੇ ਲੜਕੇ ਨੂੰ ਬੇਦਖ਼ਲ ਕਰਦਾ ਹਾਂ।

ਮੈਂ ਕੁਲਵੰਤ ਸਿੰਘ ਪੁੱਤਰ ਅਜਮੇਰ ਸਿੰਘ ਵਾਸੀ ਪਿੰਡ ਮਾਨਸਾ ਆਪਣੇ ਲੜਕੇ ਨੂੰ ਬੇਦਖ਼ਲ ਕਰਦਾ ਹਾਂ।

ਮੈਂ ਚਰਨਜੀਤ ਸਿੰਘ ਪੁੱਤਰ ਧਰਮਪਾਲ ਸਿੰਘ ਵਾਸੀ ਵਾਰਡ ਨੰ.4, ਗੁਰੂ ਤੇਗ ਬਹਾਦਰ ਨਗਰ ਬੇਦਖ਼ਲ ਕਰਦਾ ਹਾਂ।

ਅਸੀਂ, ਗੁਰਜੰਟ ਸਿੰਘ ਪੁੱਤਰ ਭਗਤਾ ਸਿੰਘ ਵਾਸੀ ਪਿੰਡ ਕਾਲੇਕੇ ਆਪਣੇ ਲੜਕੇ ਨੂੰ ਬੇਦਖ਼ਲ ਕਰਦੇ ਹਾਂ।

ਮੈਂ ਰਾਜਿੰਦਰ ਸਿੰਘ ਪੁੱਤਰ ਮਹਿੰਦਰ ਸਿੰਘ ਵਾਸੀ ਮਕਾਨ ਨੰਬਰ 10 ਲੁਧਿਆਣਾ ਬੇਦਖ਼ਲ ਕਰਦਾ ਹਾਂ।

ਮੈਂ ਹਰਮਨ ਅਨੂਪਮ ਪੁੱਤਰ ਸ੍ਰੀ ਐਮ. ਐਸ. ਅਨੂਪਮ ਵਾਸੀ ਮਕਾਨ ਨੰ. ਬੀ-34-7106, ਗਲੀ ਨੰਬਰ 2, ਨੇੜੇ ਸ਼ਿਵ ਮੰਦਰ ਲੁਧਿਆਣਾ ਬੇਦਖ਼ਲ ਕਰਦਾ ਹਾਂ।

ਇਸ਼ਤਿਹਾਰ ਸੰਬੰਧੀ ਜ਼ਰੂਰੀ ਬੇਨਤੀ

'ਅਦਾਰਾ ਹੱਕ ਸੱਚ ਦਾ ਪਹਿਰੇਦਾਰ' ਅਖ਼ਬਾਰ ਵਿੱਚ ਛਪੇ ਡਿਸਪਲੇ ਇਸ਼ਤਿਹਾਰਾਂ ਅਤੇ ਕਲਾਸੀਫਾਈਡ ਲਈ ਕੋਈ ਵੀ ਜ਼ਿੰਮੇਵਾਰੀ ਨਹੀਂ ਲੈਂਦਾ। ਪਾਠਕਾਂ ਨੂੰ ਸਲਾਹ ਦਿੱਤੀ ਜਾਂਦੀ ਹੈ ਕਿ ਇਸ਼ਤਿਹਾਰਾਂ ਦੀ ਪੂਰੀ ਪੁਸ਼ਟੀ ਕਰ ਲੈਣ। ਮੈਨੇਜਰ

ਦਫਤਰ, ਸ੍ਰੀ ਵਿਕਾਸ ਸ਼ਰਮਾ, ਸਬ-ਰਜਿਸਟਰਾਰ, ਜਗਰਾਉਂ। ਇਸ ਦਫਤਰ ਵਿਖੇ ਜਾਇਦਾਦ ਦੀ ਰਜਿਸਟਰੀ ਕਰਵਾਉਣ ਲਈ ਨੋਟਿਸ ਦਿੱਤਾ ਜਾਂਦਾ ਹੈ। ਮਿਤੀ 29/8/2025 ਤੱਕ ਇਤਰਾਜ਼ ਪੇਸ਼ ਕੀਤੇ ਜਾ ਸਕਦੇ ਹਨ। ਪਿੰਡ ਅਮਰਗੜ੍ਹ ਕਲੇਰ, ਸਬ ਰਜਿਸਟਰਾਰ, ਜਗਰਾਉਂ।
ਬੋਲੀ ਸੂਚਨਾ
ਸਰਕਾਰੀ ਪ੍ਰਾਇਮਰੀ ਸਕੂਲ ਮੰਡੇਰ ਜ਼ਿਲ੍ਹਾ ਮਾਨਸਾ ਦੀ ਇਮਾਰਤ ਦਾ ਮਲਬਾ ਨੰਬਰ 2 ਅਨੁਸਾਰ ਬੋਲੀ ਮਿਤੀ 15-09-2025 ਨੂੰ ਸਕੂਲ ਵਿਖੇ ਕਰਵਾਈ ਜਾਵੇਗੀ। ਸਮਾਂ 10 ਵਜੇ ਹੋਵੇਗਾ। ਮੋਬਾਇਲ ਨੰ: 8284045900 ਮੁੱਖ ਅਧਿਆਪਕ ਸਰਕਾਰੀ ਪ੍ਰਾਇਮਰੀ ਸਕੂਲ ਮੰਡੇਰ (ਮਾਨਸਾ)
ਬੇਦਖ਼ਲੀ ਦਾ ਨੋਟਿਸ: ਮੈਂ ਬਲਵੀਰ ਸਿੰਘ ਵਾਸੀ ਪਿੰਡ ਮੰਡੇਰ ਵੱਲੋਂ ਬੋਲੀ ਮਿਤੀ 28/8/2025 ਨੂੰ ਜ਼ਮੀਨ ਠੇਕੇ ਤੇ ਦਿੱਤੀ ਜਾਵੇਗੀ। ਪਰਨੀਤ ਸਿੰਘ, ਮੋਬਾਇਲ ਨੰ: 8427858319, ਸਰਪੰਚ, 7009244518
ਪਬਲਿਕ ਨੋਟਿਸ
ਮੈਂ ਕਮਲਜੀਤ ਕੌਰ ਪੁੱਤਰੀ ਗੁਰਮੀਤ ਸਿੰਘ ਵਾਸੀ ਪਿੰਡ ਕਲੇਰਾਂ, ਤਹਿਸੀਲ ਫ਼ਰੀਦਕੋਟ ਬਿਆਨ ਕਰਦੀ ਹਾਂ ਕਿ ਮੇਰੇ ਪਤੀ ਦੀ ਮੌਤ ਮਿਤੀ 27.04.2021 ਨੂੰ ਹੋ ਗਈ ਸੀ ਅਤੇ ਮੇਰਾ ਨਾਮ ਜਾਇਦਾਦ ਵਿੱਚ ਦਰਜ ਕੀਤਾ ਜਾਵੇ।
Public Notice
ਬਾ ਅਦਾਲਤ ਸਿਵਲ ਜੱਜ ਜੂਨੀਅਰ ਡਿਵੀਜ਼ਨ ਤਲਵੰਡੀ ਸਾਬੋ। ਕੇਸ ਨੰਬਰ: 996/ਦੀਵਾਨੀ-1, ਮਿਤੀ: 04-09-2025. ਬਨਾਮ ਨੋਟਿਸ ਜਾਰੀ ਕੀਤਾ ਜਾਂਦਾ ਹੈ ਕਿ ਮਿਤੀ 17.10.2025 ਨੂੰ ਅਦਾਲਤ ਵਿੱਚ ਹਾਜ਼ਰ ਹੋਵੇ।
ਦਰਖਾਸਤਾਂ ਦੀ ਮੰਗ: ਕਰ ਅਵਾਂ ਅਜੋ ਲੰਗਰ ਕਮੇਟੀ ਵੱਲੋਂ ਮਿਤੀ 15/09/2025 ਨੂੰ ਬੋਲੀ ਕਰਵਾਈ ਜਾਵੇਗੀ। ਬੋਲੀ ਦੇਣ ਵਾਲਾ ਵਿਅਕਤੀ 5000/- ਰੁਪਏ ਸਕਿਓਰਿਟੀ ਜਮ੍ਹਾਂ ਕਰਵਾਏਗਾ। ਸੰਪਰਕ: 8360303504, 7009244518
ਨਾਮ ਬਦਲੀ...

I, Vivek Dhir S/O Ram Saroop Dhir R/O H. No. 14207 Street no 7 Dholewal Chowk Bhagwan Nagar Millerganj Ludhiana changed my daughter name from Lavika to Laavanaya. 7171

I, Harshpreet Singh Kalsi S/O Balbir Singh R/O H. No. 1949/121 Street no 1/4 Guru Gobind Singh Nagar Shimlapuri Ludhiana declare that Harshpreet Singh Kalsi and Harsh Preet Singh both names are one and same person and belongs to me. 7171

ਐਸ ਆਟੋਮੋਬਾਈਲ ਜਗਰਾਉਂ ਨੂੰ ਮਿਲਿਆ ਬੈਸਟ ਫੈਸਟੀਵਲ ਸੇਲਜ਼ ਅਵਾਰਡ

ਜਗਰਾਉਂ 5 ਸਤੰਬਰ (ਕੁਲਵਿੰਦਰ ਸਿੰਘ ਚੰਦੀ) ਜਗਰਾਉਂ ਦੇ ਬਹੁਤ ਮਸ਼ਹੂਰ ਐਸ ਆਟੋਮੋਬਾਈਲ ਨੂੰ ਹੀਰੋ ਮੋਟੋਕਾਰਪ ਲਿਮਿਟਡ ਵੱਲੋਂ ਸਾਲ 2024-25 ਦਾ ਬੈਸਟ ਫੈਸਟੀਵਲ ਸੇਲਜ਼ ਅਵਾਰਡ ਦਿੱਤਾ ਗਿਆ। ਇਹ ਅਵਾਰਡ ਕੰਪਨੀ ਦੇ ਸੀਨੀਅਰ ਅਧਿਕਾਰੀਆਂ ਵੱਲੋਂ ਦਿੱਤਾ ਗਿਆ। ਇਸ ਮੌਕੇ ਤੇ ਸ਼ੋਰੂਮ ਦੇ ਮਾਲਕ ਨੇ ਕਿਹਾ ਕਿ ਇਹ ਸਭ ਗਾਹਕਾਂ ਦੇ ਪਿਆਰ ਅਤੇ ਸਟਾਫ ਦੀ ਮਿਹਨਤ ਸਦਕਾ ਸੰਭਵ ਹੋਇਆ ਹੈ।

ਜਗਰਾਉਂ 'ਚ ਗੁੰਮ ਹੋਏ ਬੱਚੇ ਦੀ ਪੁਲਿਸ ਵੱਲੋਂ ਭਾਲ ਜਾਰੀ

ਜਗਰਾਉਂ 5 ਸਤੰਬਰ (ਕੁਲਵਿੰਦਰ ਸਿੰਘ ਚੰਦੀ) - ਥਾਣਾ ਸਿਟੀ ਦੇ ਮੁੱਖ ਅਫ਼ਸਰ ਇੰਸਪੈਕਟਰ ਵੱਲੋਂ ਜਾਣਕਾਰੀ ਦਿੰਦਿਆਂ ਦੱਸਿਆ ਗਿਆ ਕਿ ਇੱਕ ਬੱਚਾ ਉਮਰ 13 ਸਾਲ ਘਰੋਂ ਬਿਨਾਂ ਦੱਸੇ ਚਲਾ ਗਿਆ ਹੈ। ਜੇਕਰ ਕਿਸੇ ਨੂੰ ਵੀ ਇਸ ਬੱਚੇ ਬਾਰੇ ਜਾਣਕਾਰੀ ਮਿਲੇ ਤਾਂ ਥਾਣਾ ਸਿਟੀ ਜਗਰਾਉਂ ਦੇ ਨੰਬਰ 88472-12560, ਮੁੱਖ ਮੁਨਸ਼ੀ ਥਾਣਾ ਸਿਟੀ 85560-19413 ਤੇ ਸੰਪਰਕ ਕਰਨ ਦੀ ਖੇਚਲ ਕਰਨ ਜੀ।

ਪਿੰਡ ਸਸਰਾਲੀ 'ਚ ਬਣੀ ਦਰਾਰ ਕਾਰਨ ਸਥਿਤੀ ਗੰਭੀਰ ਬਣੀ, ਪੰਜਾਬ ਸਰਕਾਰ ਤੁਰੰਤ ਧਿਆਨ ਦੇਵੇ - ਜਸ਼ਨਦੀਪ ਗਿੱਲ

ਲੁਧਿਆਣਾ 5 ਸਤੰਬਰ (ਬਿਊਰੋ) - ਲੁਧਿਆਣਾ ਦੇ ਪਿੰਡ ਸਸਰਾਲੀ ਵਿਖੇ ਸਤਲੁਜ ਦਰਿਆ ਦੇ ਬੰਨ੍ਹ ਵਿੱਚ ਪਈ ਦਰਾਰ ਕਾਰਨ ਸਥਿਤੀ ਗੰਭੀਰ ਬਣੀ ਹੋਈ ਹੈ। ਪਿੰਡ ਵਾਸੀਆਂ ਵੱਲੋਂ ਲਗਾਤਾਰ ਬੰਨ੍ਹ ਨੂੰ ਮਜ਼ਬੂਤ ਕਰਨ ਦਾ ਕੰਮ ਕੀਤਾ ਜਾ ਰਿਹਾ ਹੈ। ਉਨ੍ਹਾਂ ਕਿਹਾ ਕਿ ਪ੍ਰਸ਼ਾਸਨ ਅਤੇ ਪੰਜਾਬ ਸਰਕਾਰ ਨੂੰ ਤੁਰੰਤ ਇਸ ਵੱਲ ਧਿਆਨ ਦੇਣਾ ਚਾਹੀਦਾ ਹੈ ਤਾਂ ਜੋ ਲੋਕਾਂ ਦੇ ਜਾਨ-ਮਾਲ ਦਾ ਨੁਕਸਾਨ ਨਾ ਹੋਵੇ। ਇਸ ਮੌਕੇ ਪਿੰਡ ਦੇ ਪਤਵੰਤੇ ਸੱਜਣ ਹਾਜ਼ਰ ਸਨ।

ਇਸ਼ਤਿਹਾਰ ਅਤੇ ਕਲਾਸੀਫਾਈਡ ਕੇਵਲ ਅਦਾਰਾ 'ਪਹਿਰੇਦਾਰ' ਦੀ ਈ-ਮੇਲ	rozanapehredaradvt@gmail.com 'ਤੇ ਹੀ ਭੇਜੇ ਜਾਣ।
